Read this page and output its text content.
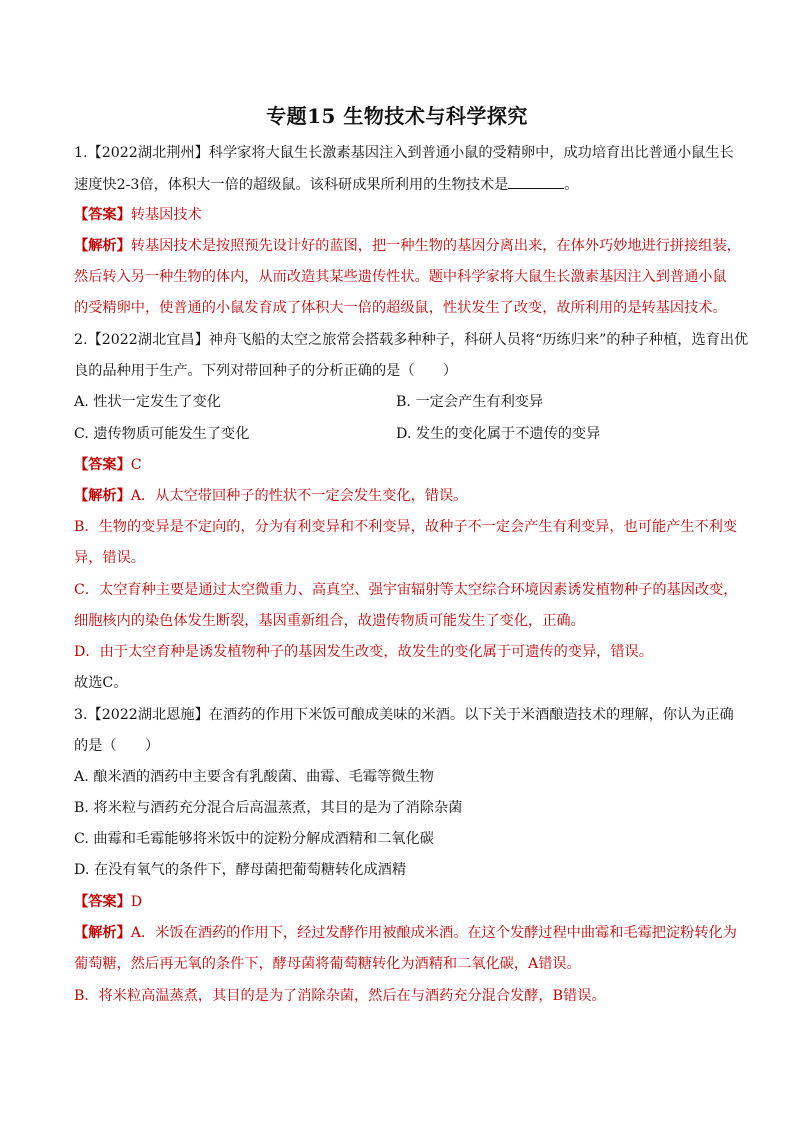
专题15 生物技术与科学探究
1.【2022湖北荆州】科学家将大鼠生长激素基因注入到普通小鼠的受精卵中，成功培育出比普通小鼠生长
速度快2-3倍，体积大一倍的超级鼠。该科研成果所利用的生物技术是	。
【答案】转基因技术
【解析】转基因技术是按照预先设计好的蓝图，把一种生物的基因分离出来，在体外巧妙地进行拼接组装，
然后转入另一种生物的体内，从而改造其某些遗传性状。题中科学家将大鼠生长激素基因注入到普通小鼠
的受精卵中，使普通的小鼠发育成了体积大一倍的超级鼠，性状发生了改变，故所利用的是转基因技术。
2.【2022湖北宜昌】神舟飞船的太空之旅常会搭载多种种子，科研人员将“历练归来”的种子种植，选育出优
良的品种用于生产。下列对带回种子的分析正确的是（　　）
A. 性状一定发生了变化	B. 一定会产生有利变异
C. 遗传物质可能发生了变化	D. 发生的变化属于不遗传的变异
【答案】C
【解析】A．从太空带回种子的性状不一定会发生变化，错误。
B．生物的变异是不定向的，分为有利变异和不利变异，故种子不一定会产生有利变异，也可能产生不利变
异，错误。
C．太空育种主要是通过太空微重力、高真空、强宇宙辐射等太空综合环境因素诱发植物种子的基因改变，
细胞核内的染色体发生断裂，基因重新组合，故遗传物质可能发生了变化，正确。
D．由于太空育种是诱发植物种子的基因发生改变，故发生的变化属于可遗传的变异，错误。
故选C。
3.【2022湖北恩施】在酒药的作用下米饭可酿成美味的米酒。以下关于米酒酿造技术的理解，你认为正确
的是（　　）
A. 酿米酒的酒药中主要含有乳酸菌、曲霉、毛霉等微生物
B. 将米粒与酒药充分混合后高温蒸煮，其目的是为了消除杂菌
C. 曲霉和毛霉能够将米饭中的淀粉分解成酒精和二氧化碳
D. 在没有氧气的条件下，酵母菌把葡萄糖转化成酒精
【答案】D
【解析】A．米饭在酒药的作用下，经过发酵作用被酿成米酒。在这个发酵过程中曲霉和毛霉把淀粉转化为
葡萄糖，然后再无氧的条件下，酵母菌将葡萄糖转化为酒精和二氧化碳，A错误。
B．将米粒高温蒸煮，其目的是为了消除杂菌，然后在与酒药充分混合发酵，B错误。
